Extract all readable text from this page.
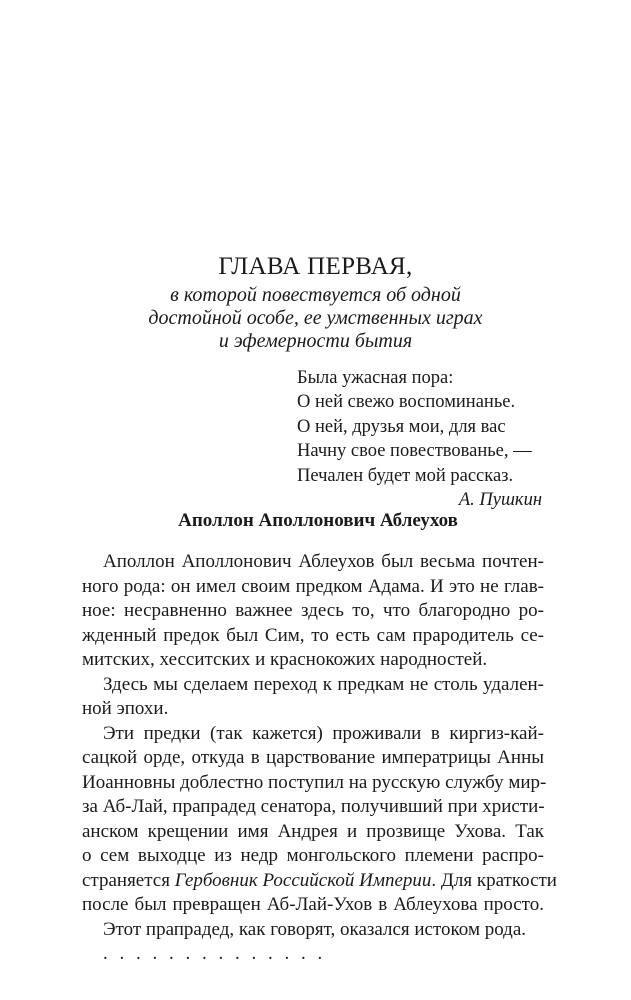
ГЛАВА ПЕРВАЯ,
в которой повествуется об одной
достойной особе, ее умственных играх
и эфемерности бытия
Была ужасная пора:
О ней свежо воспоминанье.
О ней, друзья мои, для вас
Начну свое повествованье, —
Печален будет мой рассказ.
А. Пушкин
Аполлон Аполлонович Аблеухов
Аполлон Аполлонович Аблеухов был весьма почтен-
ного рода: он имел своим предком Адама. И это не глав-
ное: несравненно важнее здесь то, что благородно ро-
жденный предок был Сим, то есть сам прародитель се-
митских, хесситских и краснокожих народностей.
Здесь мы сделаем переход к предкам не столь удален-
ной эпохи.
Эти предки (так кажется) проживали в киргиз-кай-
сацкой орде, откуда в царствование императрицы Анны
Иоанновны доблестно поступил на русскую службу мир-
за Аб-Лай, прапрадед сенатора, получивший при христи-
анском крещении имя Андрея и прозвище Ухова. Так
о сем выходце из недр монгольского племени распро-
страняется Гербовник Российской Империи. Для краткости
после был превращен Аб-Лай-Ухов в Аблеухова просто.
Этот прапрадед, как говорят, оказался истоком рода.
. . . . . . . . . . . . . .
